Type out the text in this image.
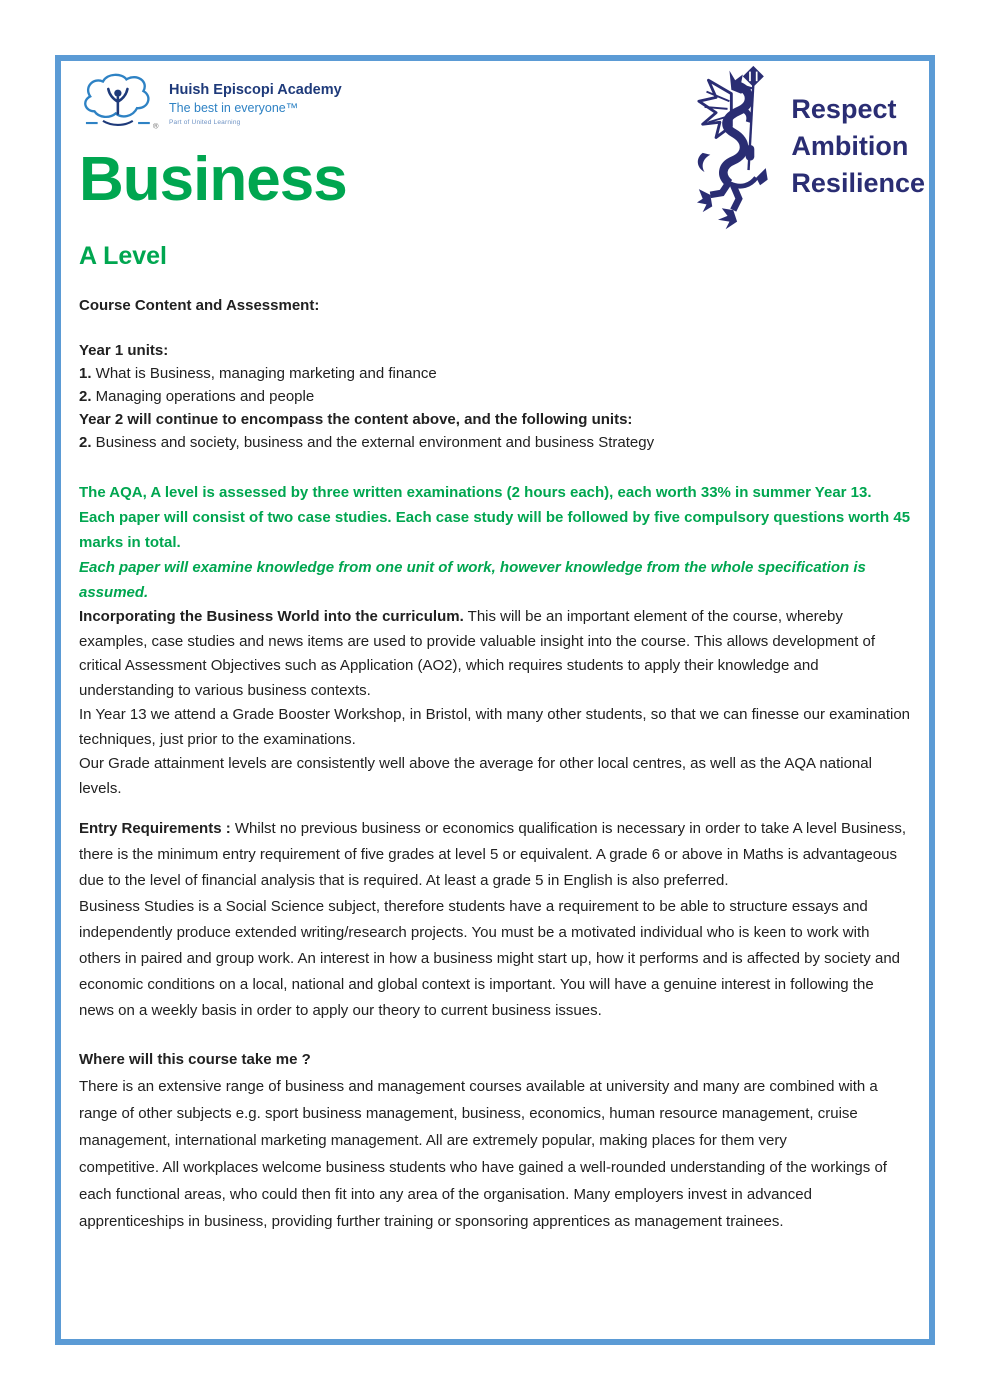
Respect
Ambition
Resilience
®
Huish Episcopi Academy
The best in everyone™
Part of United Learning
Business
A Level
Course Content and Assessment:

Year 1 units:

1. What is Business, managing marketing and finance

2. Managing operations and people

Year 2 will continue to encompass the content above, and the following units:

2. Business and society, business and the external environment and business Strategy

The AQA, A level is assessed by three written examinations (2 hours each), each worth 33% in summer Year 13.

Each paper will consist of two case studies. Each case study will be followed by five compulsory questions worth 45 marks in total.

Each paper will examine knowledge from one unit of work, however knowledge from the whole specification is assumed.

Incorporating the Business World into the curriculum. This will be an important element of the course, whereby examples, case studies and news items are used to provide valuable insight into the course. This allows development of critical Assessment Objectives such as Application (AO2), which requires students to apply their knowledge and understanding to various business contexts.

In Year 13 we attend a Grade Booster Workshop, in Bristol, with many other students, so that we can finesse our examination techniques, just prior to the examinations.

Our Grade attainment levels are consistently well above the average for other local centres, as well as the AQA national levels.

Entry Requirements : Whilst no previous business or economics qualification is necessary in order to take A level Business, there is the minimum entry requirement of five grades at level 5 or equivalent. A grade 6 or above in Maths is advantageous due to the level of financial analysis that is required. At least a grade 5 in English is also preferred.

Business Studies is a Social Science subject, therefore students have a requirement to be able to structure essays and independently produce extended writing/research projects. You must be a motivated individual who is keen to work with others in paired and group work. An interest in how a business might start up, how it performs and is affected by society and economic conditions on a local, national and global context is important. You will have a genuine interest in following the news on a weekly basis in order to apply our theory to current business issues.

Where will this course take me ?

There is an extensive range of business and management courses available at university and many are combined with a range of other subjects e.g. sport business management, business, economics, human resource management, cruise management, international marketing management. All are extremely popular, making places for them very

competitive. All workplaces welcome business students who have gained a well-rounded understanding of the workings of each functional areas, who could then fit into any area of the organisation. Many employers invest in advanced apprenticeships in business, providing further training or sponsoring apprentices as management trainees.
